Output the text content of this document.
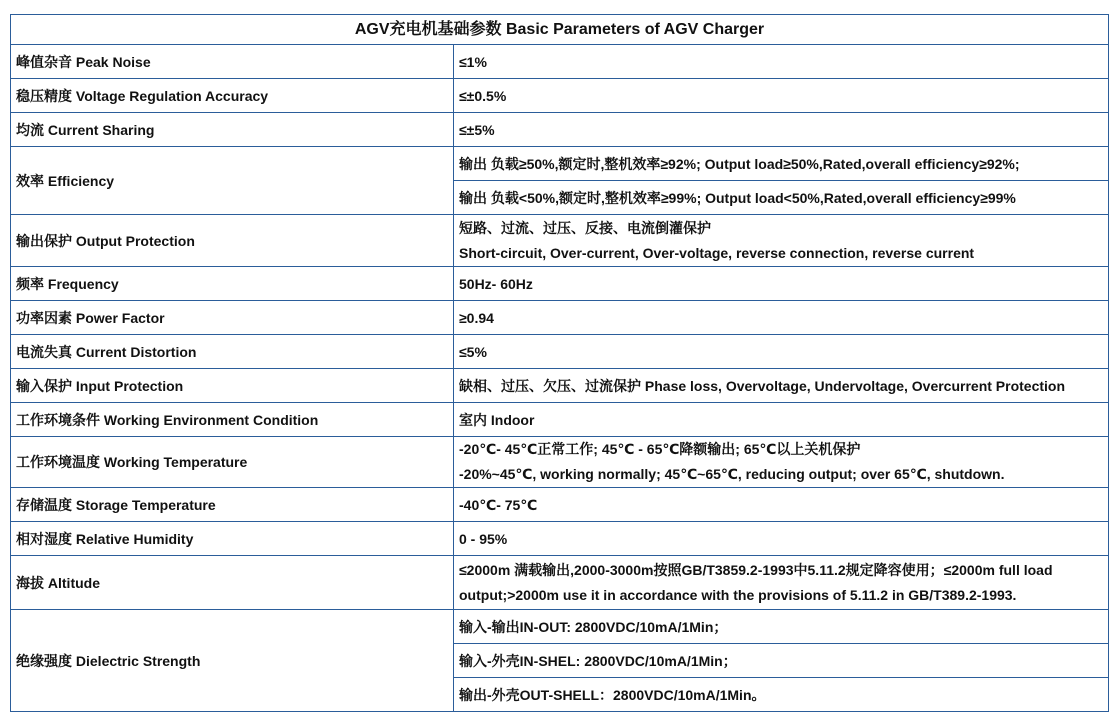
AGV充电机基础参数 Basic Parameters of AGV Charger	
峰值杂音 Peak Noise	≤1%
稳压精度 Voltage Regulation Accuracy	≤±0.5%
均流 Current Sharing	≤±5%
效率 Efficiency	输出 负载≥50%,额定时,整机效率≥92%; Output load≥50%,Rated,overall efficiency≥92%;
	输出 负载<50%,额定时,整机效率≥99%; Output load<50%,Rated,overall efficiency≥99%
输出保护 Output Protection	短路、过流、过压、反接、电流倒灌保护
Short-circuit, Over-current, Over-voltage, reverse connection, reverse current

频率 Frequency	50Hz- 60Hz
功率因素 Power Factor	≥0.94
电流失真 Current Distortion	≤5%
输入保护 Input Protection	缺相、过压、欠压、过流保护 Phase loss, Overvoltage, Undervoltage, Overcurrent Protection
工作环境条件 Working Environment Condition	室内 Indoor
工作环境温度 Working Temperature	-20℃- 45℃正常工作; 45℃ - 65℃降额输出; 65℃以上关机保护
-20%~45℃, working normally; 45℃~65℃, reducing output; over 65℃, shutdown.

存储温度 Storage Temperature	-40℃- 75℃
相对湿度 Relative Humidity	0 - 95%
海拔 Altitude	≤2000m 满载输出,2000-3000m按照GB/T3859.2-1993中5.11.2规定降容使用；≤2000m full load
output;>2000m use it in accordance with the provisions of 5.11.2 in GB/T389.2-1993.

绝缘强度 Dielectric Strength	输入-输出IN-OUT: 2800VDC/10mA/1Min；
	输入-外壳IN-SHEL: 2800VDC/10mA/1Min；
	输出-外壳OUT-SHELL：2800VDC/10mA/1Min。
